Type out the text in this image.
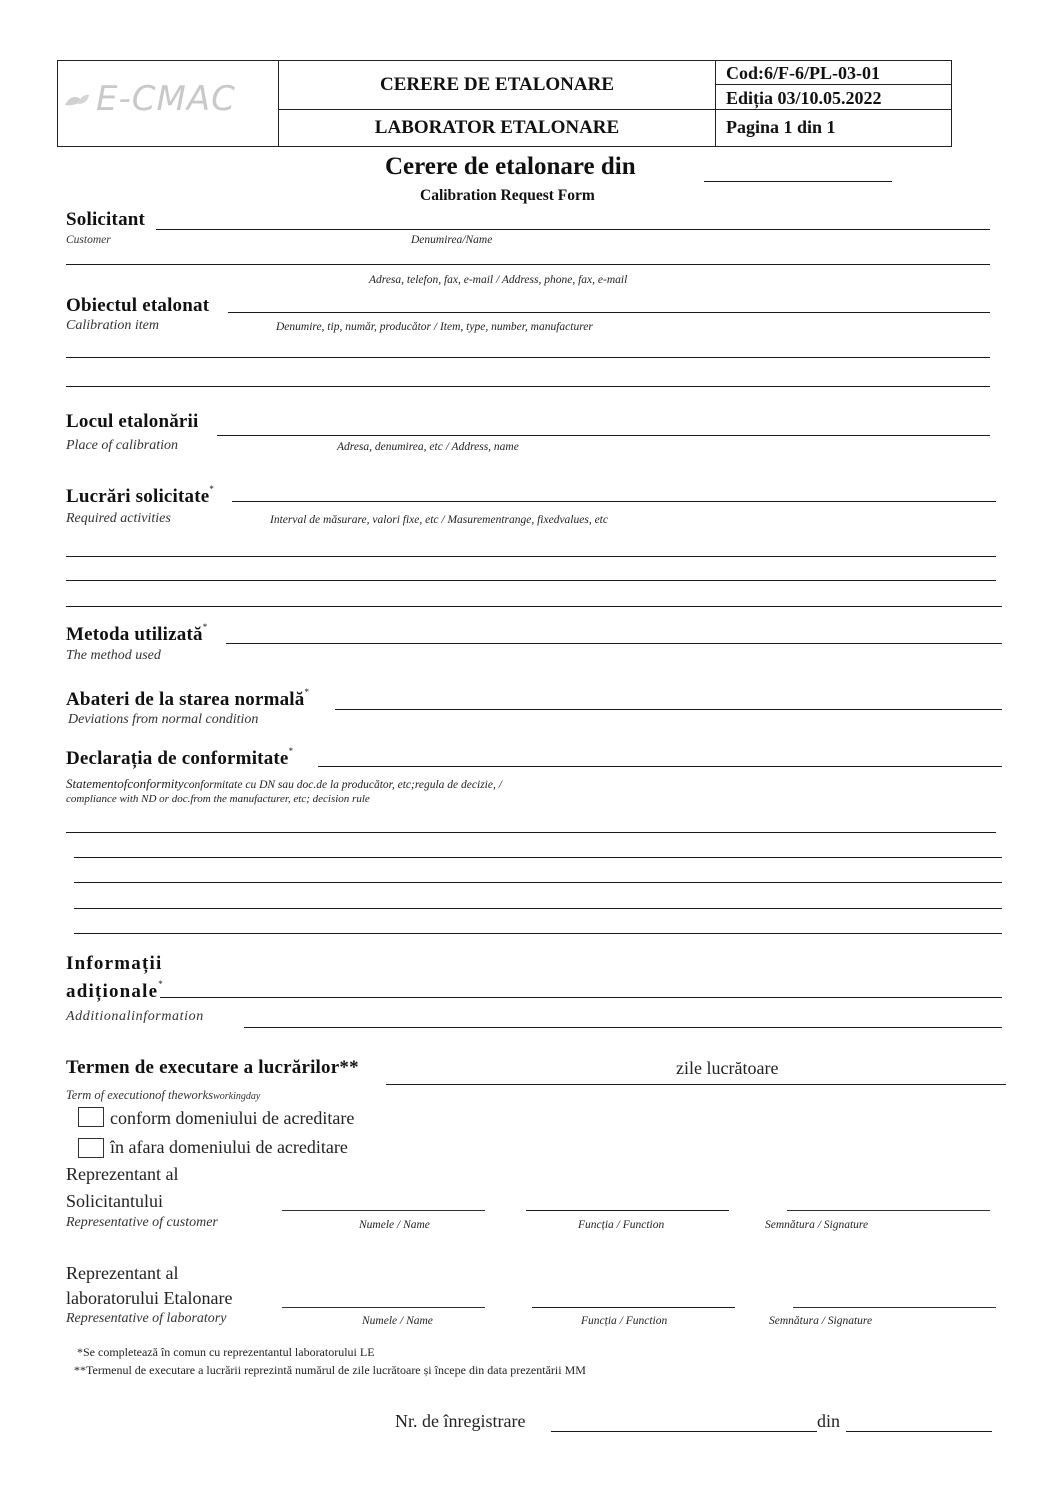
E-CMAC	CERERE DE ETALONARE
LABORATOR ETALONARE
Cod:6/F-6/PL-03-01
Ediția 03/10.05.2022
Pagina 1 din 1
Cerere de etalonare din
Calibration Request Form
Solicitant
Customer	Denumirea/Name
Adresa, telefon, fax, e-mail / Address, phone, fax, e-mail
Obiectul etalonat
Calibration item	Denumire, tip, număr, producător / Item, type, number, manufacturer
Locul etalonării
Place of calibration	Adresa, denumirea, etc / Address, name
Lucrări solicitate*
Required activities	Interval de măsurare, valori fixe, etc / Masurementrange, fixedvalues, etc
Metoda utilizată*
The method used
Abateri de la starea normală*
Deviations from normal condition
Declarația de conformitate*
Statementofconformityconformitate cu DN sau doc.de la producător, etc;regula de decizie, /
compliance with ND or doc.from the manufacturer, etc; decision rule
Informații
adiționale*
Additionalinformation
Termen de executare a lucrărilor**	zile lucrătoare
Term of executionof theworksworkingday
conform domeniului de acreditare
în afara domeniului de acreditare
Reprezentant al
Solicitantului
Representative of customer	Numele / Name	Funcția / Function	Semnătura / Signature
Reprezentant al
laboratorului Etalonare
Representative of laboratory	Numele / Name	Funcția / Function	Semnătura / Signature
*Se completează în comun cu reprezentantul laboratorului LE
**Termenul de executare a lucrării reprezintă numărul de zile lucrătoare și începe din data prezentării MM
Nr. de înregistrare	din
